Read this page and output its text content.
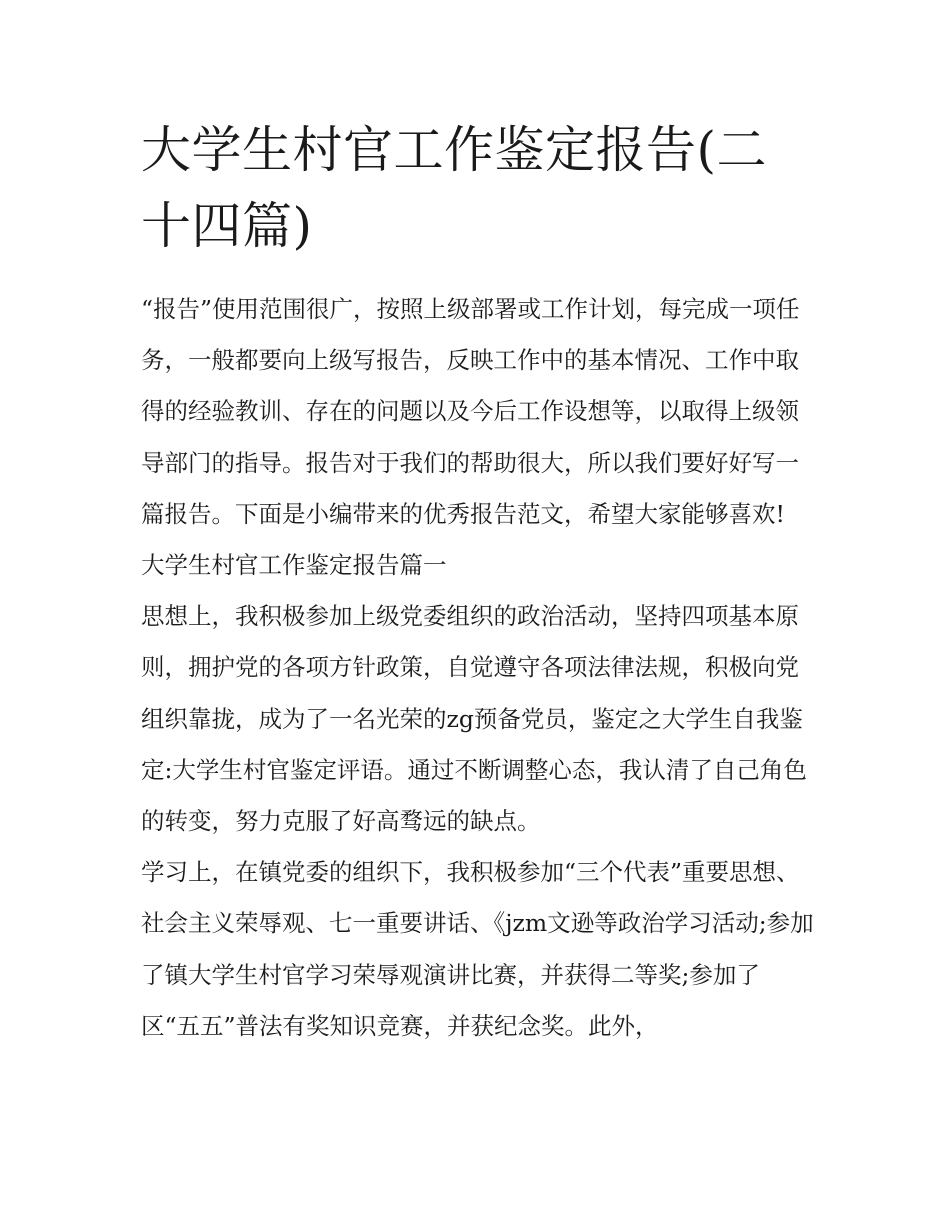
大学生村官工作鉴定报告(二十四篇)

“报告”使用范围很广，按照上级部署或工作计划，每完成一项任务，一般都要向上级写报告，反映工作中的基本情况、工作中取得的经验教训、存在的问题以及今后工作设想等，以取得上级领导部门的指导。报告对于我们的帮助很大，所以我们要好好写一篇报告。下面是小编带来的优秀报告范文，希望大家能够喜欢!

大学生村官工作鉴定报告篇一

思想上，我积极参加上级党委组织的政治活动，坚持四项基本原则，拥护党的各项方针政策，自觉遵守各项法律法规，积极向党组织靠拢，成为了一名光荣的zg预备党员，鉴定之大学生自我鉴定:大学生村官鉴定评语。通过不断调整心态，我认清了自己角色的转变，努力克服了好高骛远的缺点。

学习上，在镇党委的组织下，我积极参加“三个代表”重要思想、社会主义荣辱观、七一重要讲话、《jzm文逊等政治学习活动;参加了镇大学生村官学习荣辱观演讲比赛，并获得二等奖;参加了区“五五”普法有奖知识竞赛，并获纪念奖。此外，
